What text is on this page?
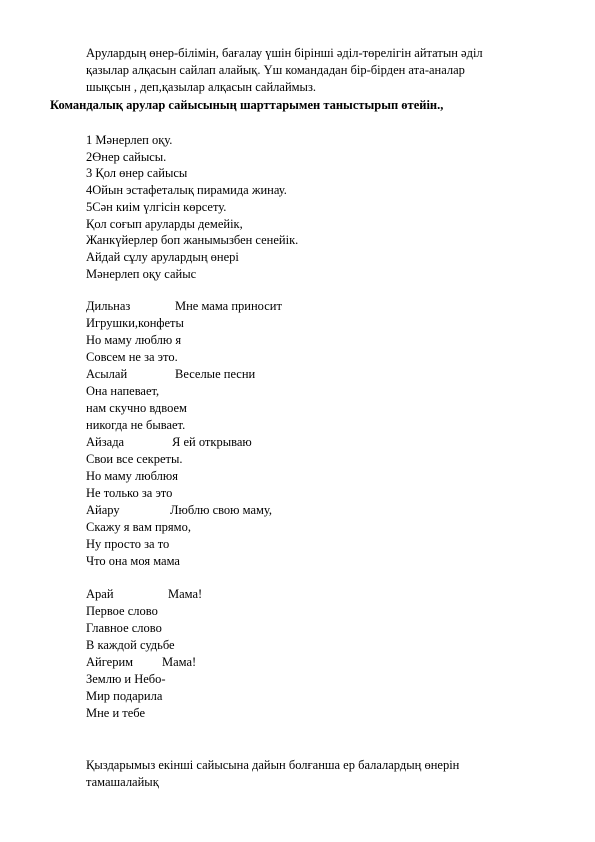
Арулардың өнер-білімін, бағалау үшін бірінші әділ-төрелігін айтатын әділ
қазылар алқасын сайлап алайық. Үш командадан бір-бірден ата-аналар
шықсын , деп,қазылар алқасын сайлаймыз.
Командалық арулар сайысының шарттарымен таныстырып өтейін.,
1 Мәнерлеп оқу.
2Өнер сайысы.
3 Қол өнер сайысы
4Ойын эстафеталық пирамида жинау.
5Сән киім үлгісін көрсету.
Қол соғып аруларды демейік,
Жанкүйерлер боп жанымызбен сенейік.
Айдай сұлу арулардың өнері
Мәнерлеп оқу сайыс
Дильназ	Мне мама приносит
Игрушки,конфеты
Но маму люблю я
Совсем не за это.
Асылай	Веселые песни
Она напевает,
нам скучно вдвоем
никогда не бывает.
Айзада	Я ей открываю
Свои все секреты.
Но маму люблюя
Не только за это
Айару	Люблю свою маму,
Скажу я вам прямо,
Ну просто за то
Что она моя мама
Арай	Мама!
Первое слово
Главное слово
В каждой судьбе
Айгерим Мама!
Землю и Небо-
Мир подарила
Мне и тебе
Қыздарымыз екінші сайысына дайын болғанша ер балалардың өнерін
тамашалайық
